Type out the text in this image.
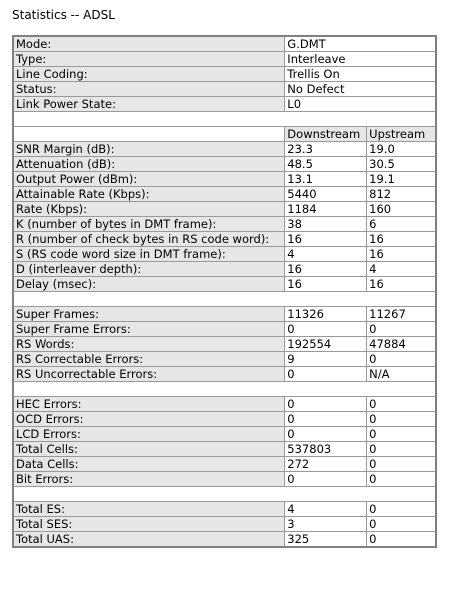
Statistics -- ADSL
Mode:	G.DMT	
Type:	Interleave	
Line Coding:	Trellis On	
Status:	No Defect	
Link Power State:	L0	

	Downstream	Upstream
SNR Margin (dB):	23.3	19.0
Attenuation (dB):	48.5	30.5
Output Power (dBm):	13.1	19.1
Attainable Rate (Kbps):	5440	812
Rate (Kbps):	1184	160
K (number of bytes in DMT frame):	38	6
R (number of check bytes in RS code word):	16	16
S (RS code word size in DMT frame):	4	16
D (interleaver depth):	16	4
Delay (msec):	16	16

Super Frames:	11326	11267
Super Frame Errors:	0	0
RS Words:	192554	47884
RS Correctable Errors:	9	0
RS Uncorrectable Errors:	0	N/A

HEC Errors:	0	0
OCD Errors:	0	0
LCD Errors:	0	0
Total Cells:	537803	0
Data Cells:	272	0
Bit Errors:	0	0

Total ES:	4	0
Total SES:	3	0
Total UAS:	325	0
